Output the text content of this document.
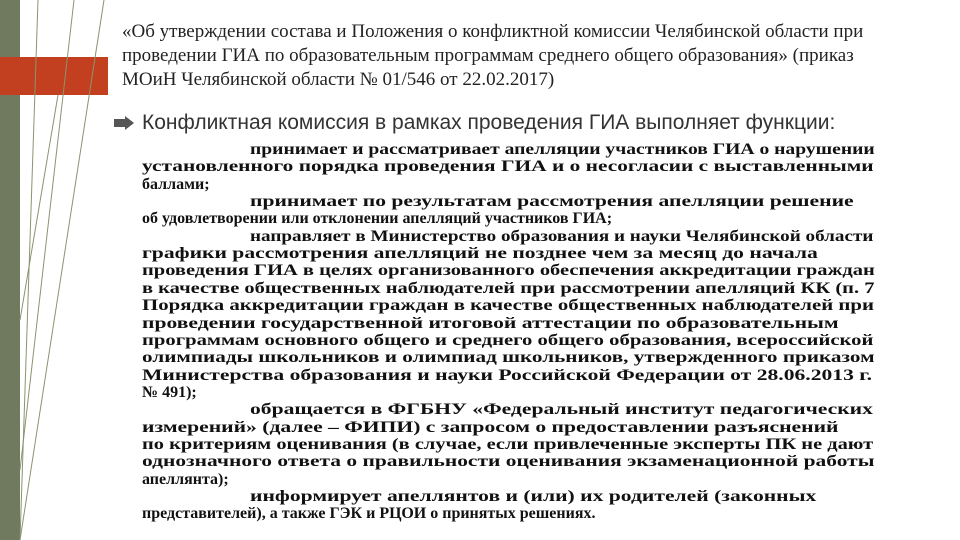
«Об утверждении состава и Положения о конфликтной комиссии Челябинской области при проведении ГИА по образовательным программам среднего общего образования» (приказ МОиН Челябинской области № 01/546 от 22.02.2017)

Конфликтная комиссия в рамках проведения ГИА выполняет функции:
принимает и рассматривает апелляции участников ГИА о нарушении
установленного порядка проведения ГИА и о несогласии с выставленными
баллами;
принимает по результатам рассмотрения апелляции решение
об удовлетворении или отклонении апелляций участников ГИА;
направляет в Министерство образования и науки Челябинской области
графики рассмотрения апелляций не позднее чем за месяц до начала
проведения ГИА в целях организованного обеспечения аккредитации граждан
в качестве общественных наблюдателей при рассмотрении апелляций КК (п. 7
Порядка аккредитации граждан в качестве общественных наблюдателей при
проведении государственной итоговой аттестации по образовательным
программам основного общего и среднего общего образования, всероссийской
олимпиады школьников и олимпиад школьников, утвержденного приказом
Министерства образования и науки Российской Федерации от 28.06.2013 г.
№ 491);
обращается в ФГБНУ «Федеральный институт педагогических
измерений» (далее – ФИПИ) с запросом о предоставлении разъяснений
по критериям оценивания (в случае, если привлеченные эксперты ПК не дают
однозначного ответа о правильности оценивания экзаменационной работы
апеллянта);
информирует апеллянтов и (или) их родителей (законных
представителей), а также ГЭК и РЦОИ о принятых решениях.
